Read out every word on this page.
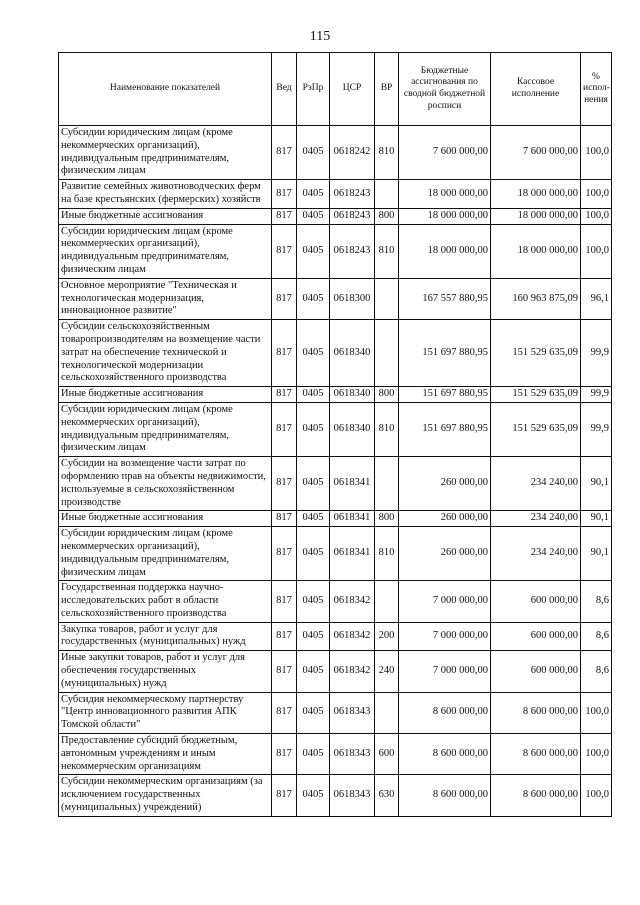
115
Наименование показателей	Вед	РзПр	ЦСР	ВР	Бюджетные ассигнования по сводной бюджетной росписи	Кассовое исполнение	% испол-нения
Субсидии юридическим лицам (кроме некоммерческих организаций), индивидуальным предпринимателям, физическим лицам	817	0405	0618242	810	7 600 000,00	7 600 000,00	100,0
Развитие семейных животноводческих ферм на базе крестьянских (фермерских) хозяйств	817	0405	0618243		18 000 000,00	18 000 000,00	100,0
Иные бюджетные ассигнования	817	0405	0618243	800	18 000 000,00	18 000 000,00	100,0
Субсидии юридическим лицам (кроме некоммерческих организаций), индивидуальным предпринимателям, физическим лицам	817	0405	0618243	810	18 000 000,00	18 000 000,00	100,0
Основное мероприятие "Техническая и технологическая модернизация, инновационное развитие"	817	0405	0618300		167 557 880,95	160 963 875,09	96,1
Субсидии сельскохозяйственным товаропроизводителям на возмещение части затрат на обеспечение технической и технологической модернизации сельскохозяйственного производства	817	0405	0618340		151 697 880,95	151 529 635,09	99,9
Иные бюджетные ассигнования	817	0405	0618340	800	151 697 880,95	151 529 635,09	99,9
Субсидии юридическим лицам (кроме некоммерческих организаций), индивидуальным предпринимателям, физическим лицам	817	0405	0618340	810	151 697 880,95	151 529 635,09	99,9
Субсидии на возмещение части затрат по оформлению прав на объекты недвижимости, используемые в сельскохозяйственном производстве	817	0405	0618341		260 000,00	234 240,00	90,1
Иные бюджетные ассигнования	817	0405	0618341	800	260 000,00	234 240,00	90,1
Субсидии юридическим лицам (кроме некоммерческих организаций), индивидуальным предпринимателям, физическим лицам	817	0405	0618341	810	260 000,00	234 240,00	90,1
Государственная поддержка научно-исследовательских работ в области сельскохозяйственного производства	817	0405	0618342		7 000 000,00	600 000,00	8,6
Закупка товаров, работ и услуг для государственных (муниципальных) нужд	817	0405	0618342	200	7 000 000,00	600 000,00	8,6
Иные закупки товаров, работ и услуг для обеспечения государственных (муниципальных) нужд	817	0405	0618342	240	7 000 000,00	600 000,00	8,6
Субсидия некоммерческому партнерству "Центр инновационного развития АПК Томской области"	817	0405	0618343		8 600 000,00	8 600 000,00	100,0
Предоставление субсидий бюджетным, автономным учреждениям и иным некоммерческим организациям	817	0405	0618343	600	8 600 000,00	8 600 000,00	100,0
Субсидии некоммерческим организациям (за исключением государственных (муниципальных) учреждений)	817	0405	0618343	630	8 600 000,00	8 600 000,00	100,0
